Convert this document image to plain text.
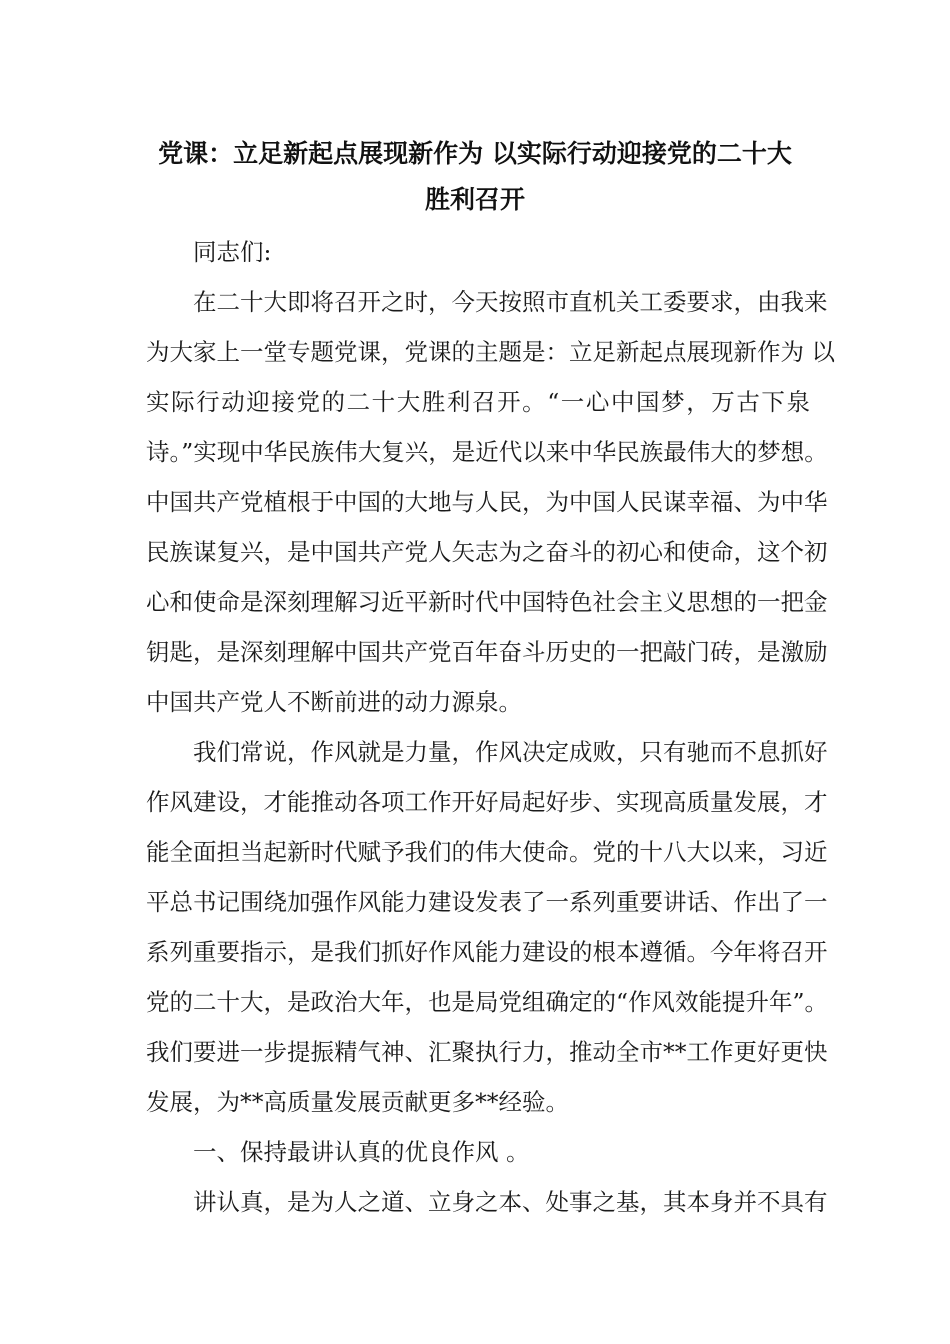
党课：立足新起点展现新作为 以实际行动迎接党的二十大
胜利召开
同志们:
在二十大即将召开之时，今天按照市直机关工委要求，由我来
为大家上一堂专题党课，党课的主题是：立足新起点展现新作为 以
实际行动迎接党的二十大胜利召开。“一心中国梦，万古下泉
诗。”实现中华民族伟大复兴，是近代以来中华民族最伟大的梦想。
中国共产党植根于中国的大地与人民，为中国人民谋幸福、为中华
民族谋复兴，是中国共产党人矢志为之奋斗的初心和使命，这个初
心和使命是深刻理解习近平新时代中国特色社会主义思想的一把金
钥匙，是深刻理解中国共产党百年奋斗历史的一把敲门砖，是激励
中国共产党人不断前进的动力源泉。
我们常说，作风就是力量，作风决定成败，只有驰而不息抓好
作风建设，才能推动各项工作开好局起好步、实现高质量发展，才
能全面担当起新时代赋予我们的伟大使命。党的十八大以来，习近
平总书记围绕加强作风能力建设发表了一系列重要讲话、作出了一
系列重要指示，是我们抓好作风能力建设的根本遵循。今年将召开
党的二十大，是政治大年，也是局党组确定的“作风效能提升年”。
我们要进一步提振精气神、汇聚执行力，推动全市**工作更好更快
发展，为**高质量发展贡献更多**经验。
一、保持最讲认真的优良作风 。
讲认真，是为人之道、立身之本、处事之基，其本身并不具有
